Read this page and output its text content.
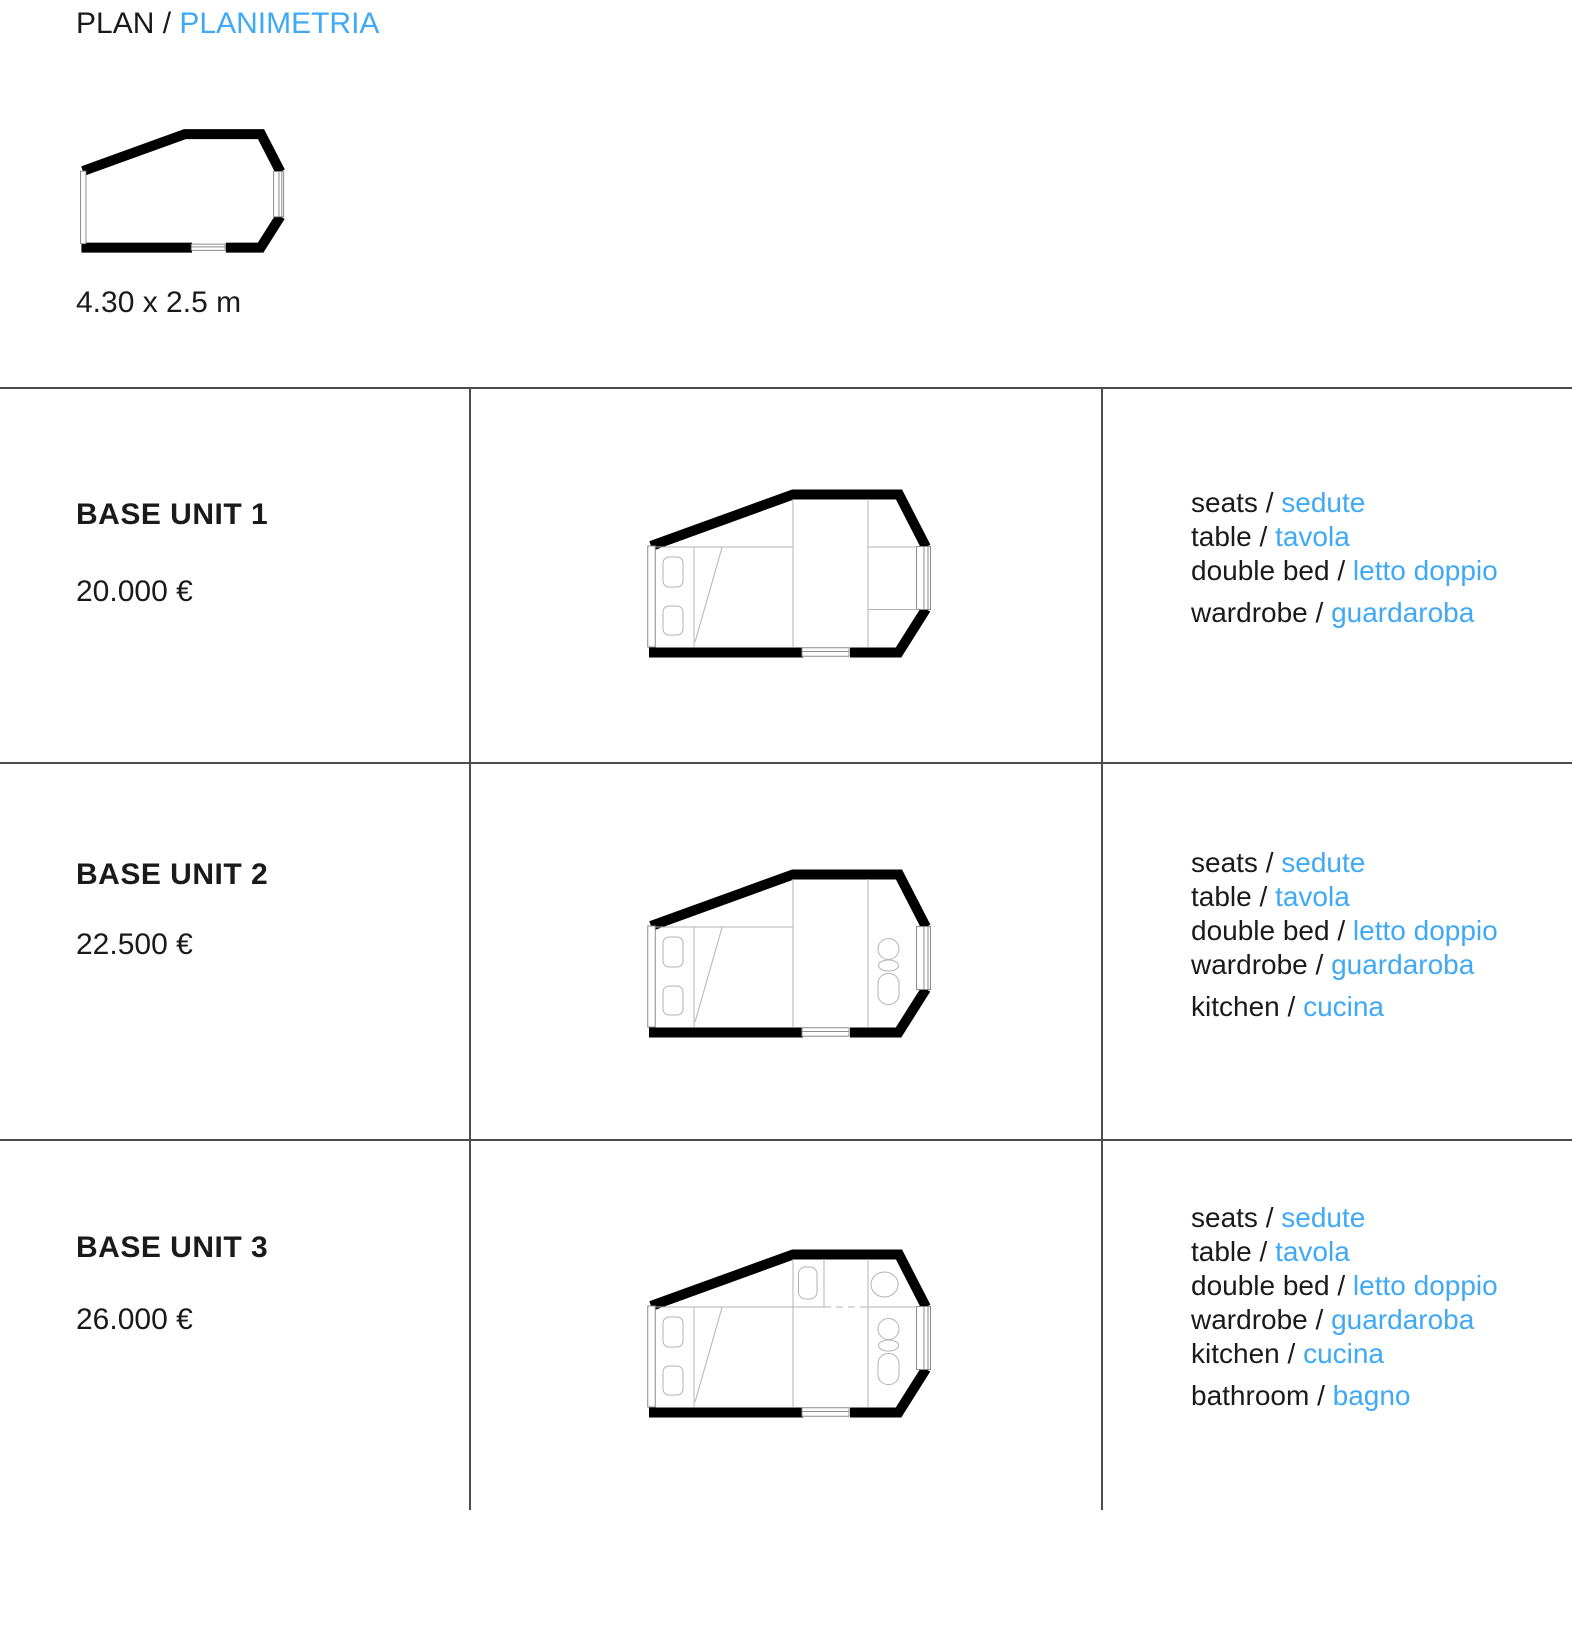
PLAN / PLANIMETRIA
4.30 x 2.5 m
BASE UNIT 1
20.000 €
seats / sedute
table / tavola
double bed / letto doppio
wardrobe / guardaroba
BASE UNIT 2
22.500 €
seats / sedute
table / tavola
double bed / letto doppio
wardrobe / guardaroba
kitchen / cucina
BASE UNIT 3
26.000 €
seats / sedute
table / tavola
double bed / letto doppio
wardrobe / guardaroba
kitchen / cucina
bathroom / bagno
